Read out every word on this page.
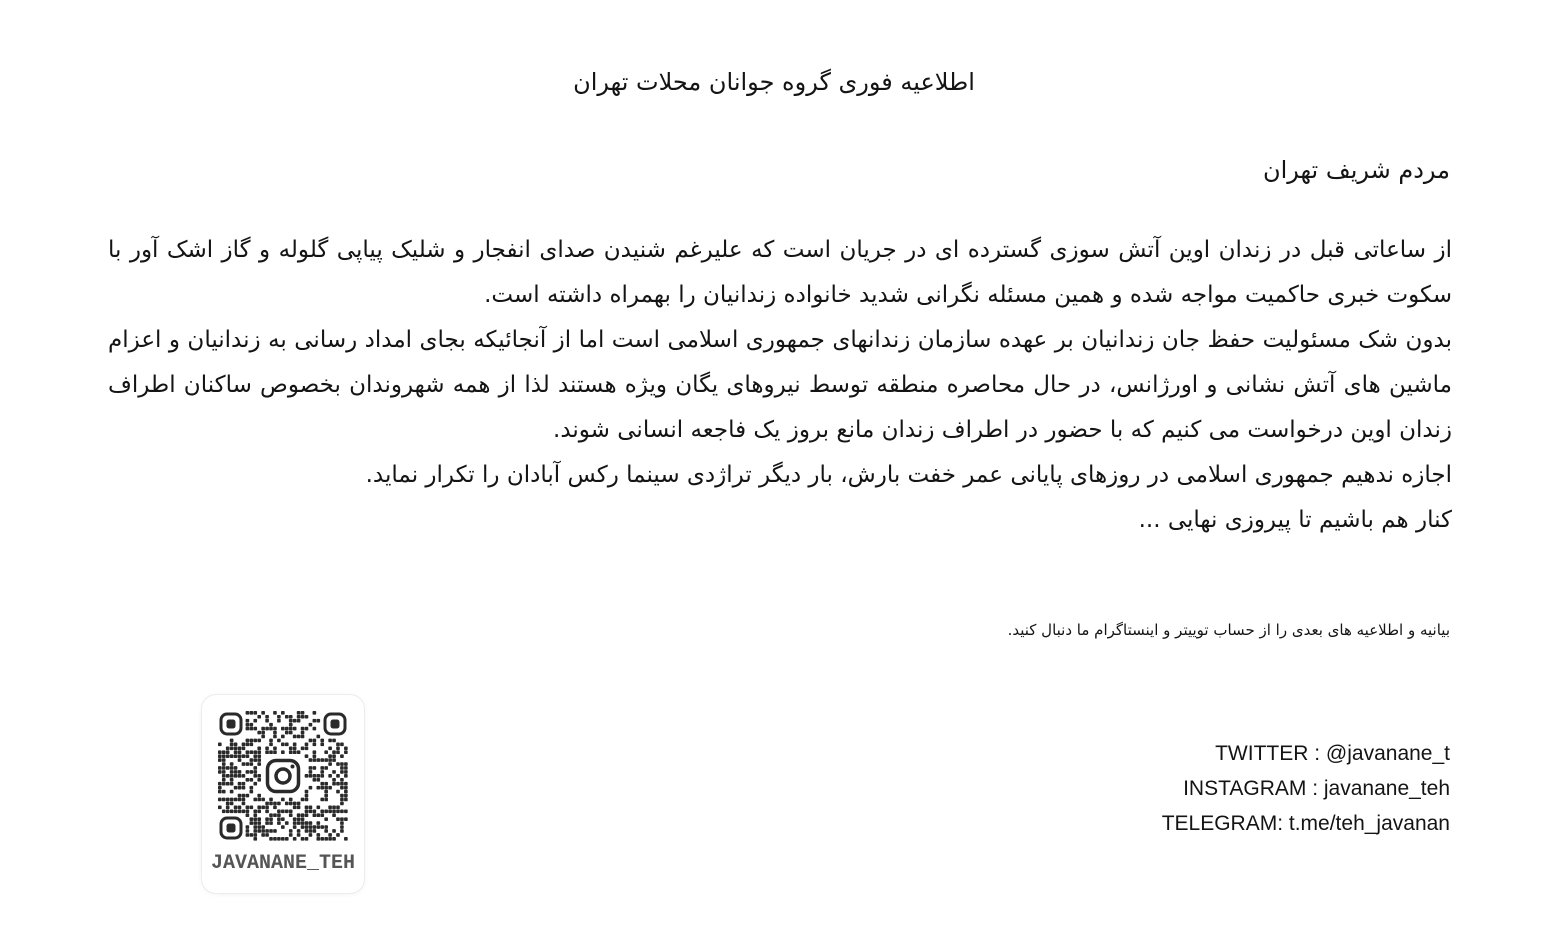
اطلاعیه فوری گروه جوانان محلات تهران
مردم شریف تهران

از ساعاتی قبل در زندان اوین آتش سوزی گسترده ای در جریان است که علیرغم شنیدن صدای انفجار و شلیک پیاپی گلوله و گاز اشک آور با سکوت خبری حاکمیت مواجه شده و همین مسئله نگرانی شدید خانواده زندانیان را بهمراه داشته است.

بدون شک مسئولیت حفظ جان زندانیان بر عهده سازمان زندانهای جمهوری اسلامی است اما از آنجائیکه بجای امداد رسانی به زندانیان و اعزام ماشین های آتش نشانی و اورژانس، در حال محاصره منطقه توسط نیروهای یگان ویژه هستند لذا از همه شهروندان بخصوص ساکنان اطراف زندان اوین درخواست می کنیم که با حضور در اطراف زندان مانع بروز یک فاجعه انسانی شوند.

اجازه ندهیم جمهوری اسلامی در روزهای پایانی عمر خفت بارش، بار دیگر تراژدی سینما رکس آبادان را تکرار نماید.

کنار هم باشیم تا پیروزی نهایی ...

بیانیه و اطلاعیه های بعدی را از حساب توییتر و اینستاگرام ما دنبال کنید.
TWITTER : @javanane_t
INSTAGRAM : javanane_teh
TELEGRAM: t.me/teh_javanan
JAVANANE_TEH
